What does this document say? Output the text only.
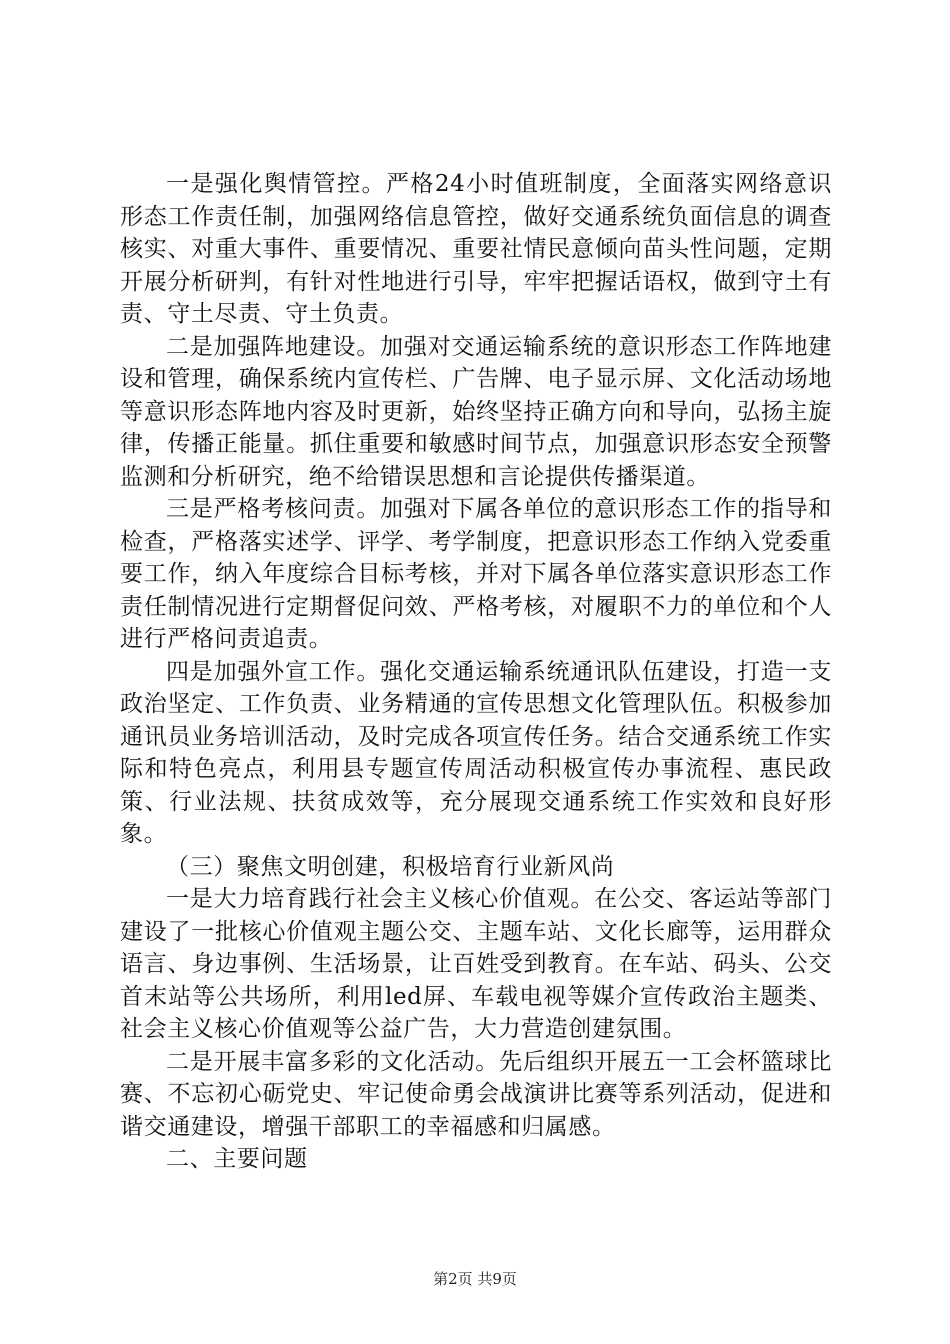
一是强化舆情管控。严格24小时值班制度，全面落实网络意识形态工作责任制，加强网络信息管控，做好交通系统负面信息的调查核实、对重大事件、重要情况、重要社情民意倾向苗头性问题，定期开展分析研判，有针对性地进行引导，牢牢把握话语权，做到守土有责、守土尽责、守土负责。

二是加强阵地建设。加强对交通运输系统的意识形态工作阵地建设和管理，确保系统内宣传栏、广告牌、电子显示屏、文化活动场地等意识形态阵地内容及时更新，始终坚持正确方向和导向，弘扬主旋律，传播正能量。抓住重要和敏感时间节点，加强意识形态安全预警监测和分析研究，绝不给错误思想和言论提供传播渠道。

三是严格考核问责。加强对下属各单位的意识形态工作的指导和检查，严格落实述学、评学、考学制度，把意识形态工作纳入党委重要工作，纳入年度综合目标考核，并对下属各单位落实意识形态工作责任制情况进行定期督促问效、严格考核，对履职不力的单位和个人进行严格问责追责。

四是加强外宣工作。强化交通运输系统通讯队伍建设，打造一支政治坚定、工作负责、业务精通的宣传思想文化管理队伍。积极参加通讯员业务培训活动，及时完成各项宣传任务。结合交通系统工作实际和特色亮点，利用县专题宣传周活动积极宣传办事流程、惠民政策、行业法规、扶贫成效等，充分展现交通系统工作实效和良好形象。

（三）聚焦文明创建，积极培育行业新风尚

一是大力培育践行社会主义核心价值观。在公交、客运站等部门建设了一批核心价值观主题公交、主题车站、文化长廊等，运用群众语言、身边事例、生活场景，让百姓受到教育。在车站、码头、公交首末站等公共场所，利用led屏、车载电视等媒介宣传政治主题类、社会主义核心价值观等公益广告，大力营造创建氛围。

二是开展丰富多彩的文化活动。先后组织开展五一工会杯篮球比赛、不忘初心砺党史、牢记使命勇会战演讲比赛等系列活动，促进和谐交通建设，增强干部职工的幸福感和归属感。

二、主要问题

第2页 共9页
